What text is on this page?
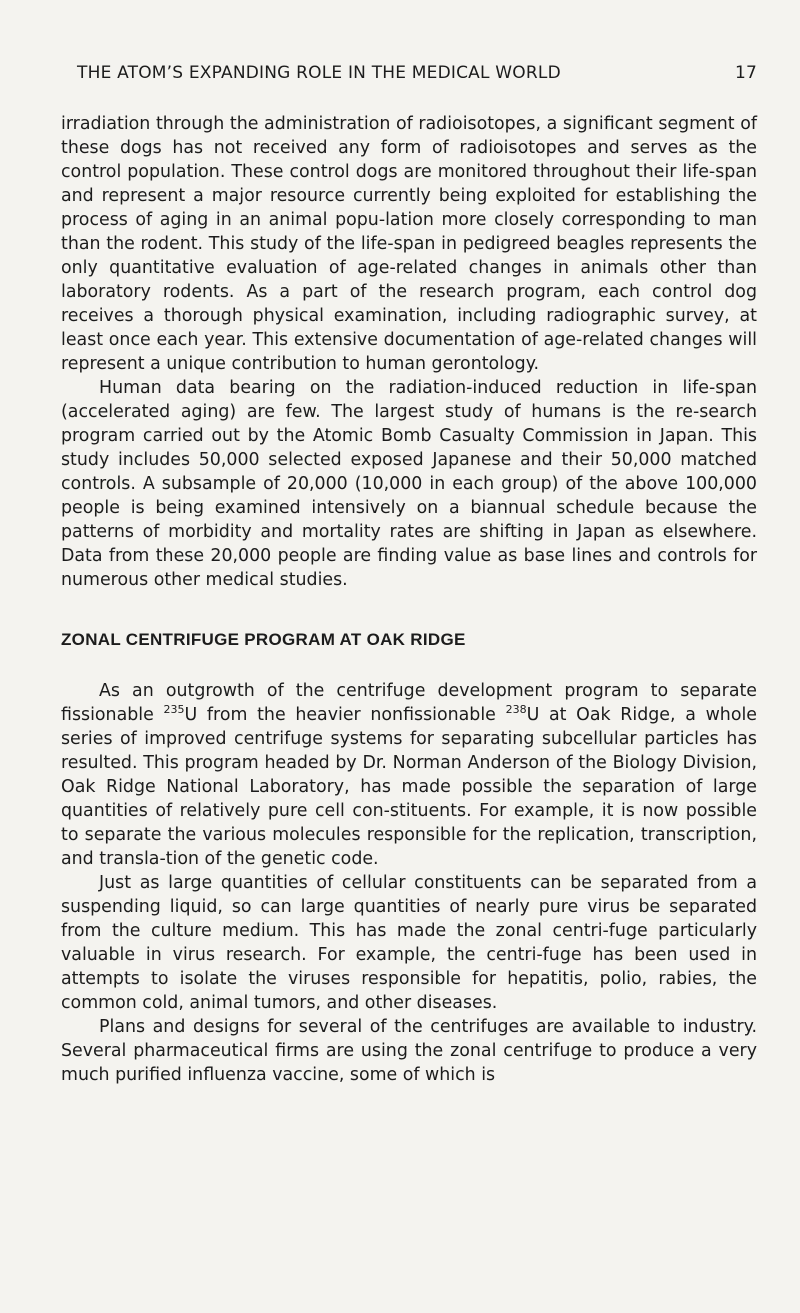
THE ATOM’S EXPANDING ROLE IN THE MEDICAL WORLD	17

irradiation through the administration of radioisotopes, a significant segment of these dogs has not received any form of radioisotopes and serves as the control population. These control dogs are monitored throughout their life-span and represent a major resource currently being exploited for establishing the process of aging in an animal popu-lation more closely corresponding to man than the rodent. This study of the life-span in pedigreed beagles represents the only quantitative evaluation of age-related changes in animals other than laboratory rodents. As a part of the research program, each control dog receives a thorough physical examination, including radiographic survey, at least once each year. This extensive documentation of age-related changes will represent a unique contribution to human gerontology.

Human data bearing on the radiation-induced reduction in life-span (accelerated aging) are few. The largest study of humans is the re-search program carried out by the Atomic Bomb Casualty Commission in Japan. This study includes 50,000 selected exposed Japanese and their 50,000 matched controls. A subsample of 20,000 (10,000 in each group) of the above 100,000 people is being examined intensively on a biannual schedule because the patterns of morbidity and mortality rates are shifting in Japan as elsewhere. Data from these 20,000 people are finding value as base lines and controls for numerous other medical studies.

ZONAL CENTRIFUGE PROGRAM AT OAK RIDGE

As an outgrowth of the centrifuge development program to separate fissionable $^{235}$U from the heavier nonfissionable $^{238}$U at Oak Ridge, a whole series of improved centrifuge systems for separating subcellular particles has resulted. This program headed by Dr. Norman Anderson of the Biology Division, Oak Ridge National Laboratory, has made possible the separation of large quantities of relatively pure cell con-stituents. For example, it is now possible to separate the various molecules responsible for the replication, transcription, and transla-tion of the genetic code.

Just as large quantities of cellular constituents can be separated from a suspending liquid, so can large quantities of nearly pure virus be separated from the culture medium. This has made the zonal centri-fuge particularly valuable in virus research. For example, the centri-fuge has been used in attempts to isolate the viruses responsible for hepatitis, polio, rabies, the common cold, animal tumors, and other diseases.

Plans and designs for several of the centrifuges are available to industry. Several pharmaceutical firms are using the zonal centrifuge to produce a very much purified influenza vaccine, some of which is
